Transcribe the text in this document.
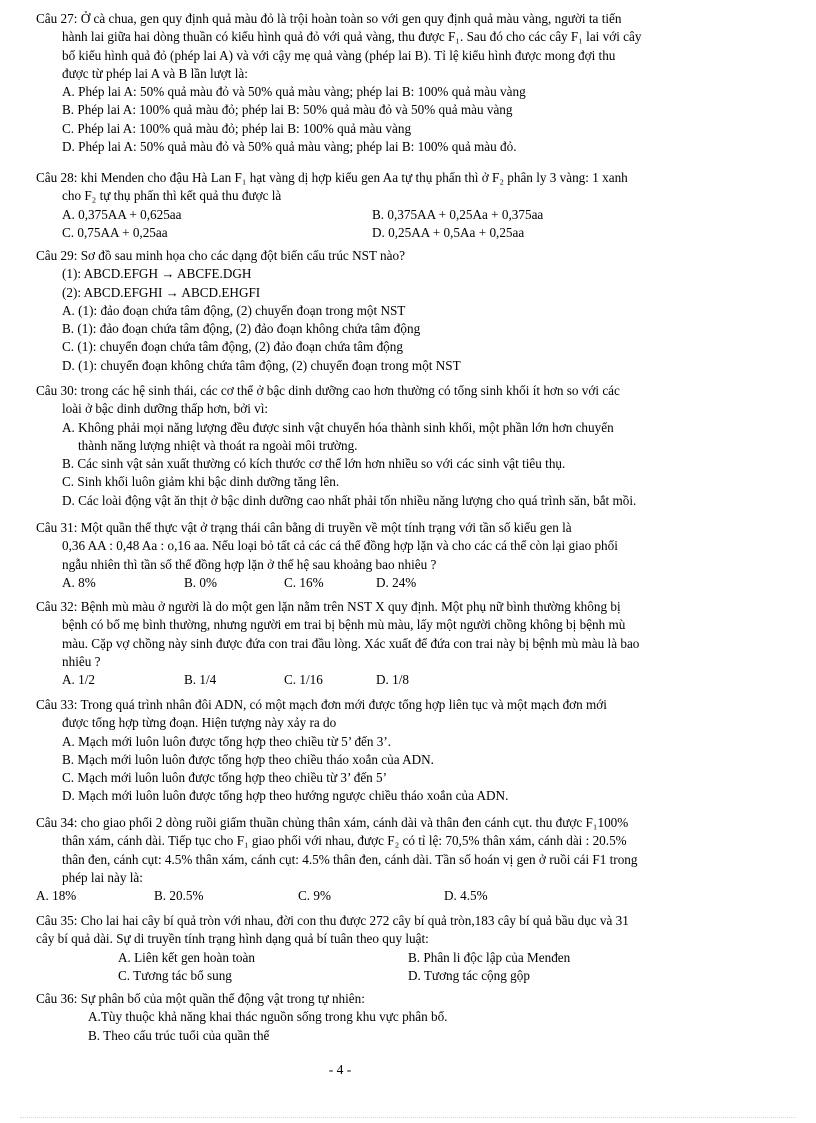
Câu 27: Ở cà chua, gen quy định quả màu đỏ là trội hoàn toàn so với gen quy định quả màu vàng, người ta tiến
hành lai giữa hai dòng thuần có kiểu hình quả đỏ với quả vàng, thu được F₁. Sau đó cho các cây F₁ lai với cây
bố kiểu hình quả đỏ (phép lai A) và với cậy mẹ quả vàng (phép lai B). Tỉ lệ kiểu hình được mong đợi thu
được từ phép lai A và B lần lượt là:
A. Phép lai A: 50% quả màu đỏ và 50% quả màu vàng; phép lai B: 100% quả màu vàng
B. Phép lai A: 100% quả màu đỏ; phép lai B: 50% quả màu đỏ và 50% quả màu vàng
C. Phép lai A: 100% quả màu đỏ; phép lai B: 100% quả màu vàng
D. Phép lai A: 50% quả màu đỏ và 50% quả màu vàng; phép lai B: 100% quả màu đỏ.
Câu 28: khi Menden cho đậu Hà Lan F₁ hạt vàng dị hợp kiểu gen Aa tự thụ phấn thì ở F₂ phân ly 3 vàng: 1 xanh
cho F₂ tự thụ phấn thì kết quả thu được là
A. 0,375AA + 0,625aa	B. 0,375AA + 0,25Aa + 0,375aa
C. 0,75AA + 0,25aa	D. 0,25AA + 0,5Aa + 0,25aa
Câu 29: Sơ đồ sau minh họa cho các dạng đột biến cấu trúc NST nào?
(1): ABCD.EFGH → ABCFE.DGH
(2): ABCD.EFGHI → ABCD.EHGFI
A. (1): đảo đoạn chứa tâm động, (2) chuyển đoạn trong một NST
B. (1): đảo đoạn chứa tâm động, (2) đảo đoạn không chứa tâm động
C. (1): chuyển đoạn chứa tâm động, (2) đảo đoạn chứa tâm động
D. (1): chuyển đoạn không chứa tâm động, (2) chuyển đoạn trong một NST
Câu 30: trong các hệ sinh thái, các cơ thể ở bậc dinh dưỡng cao hơn thường có tổng sinh khối ít hơn so với các
loài ở bậc dinh dưỡng thấp hơn, bởi vì:
A. Không phải mọi năng lượng đều được sinh vật chuyển hóa thành sinh khối, một phần lớn hơn chuyển
thành năng lượng nhiệt và thoát ra ngoài môi trường.
B. Các sinh vật sản xuất thường có kích thước cơ thể lớn hơn nhiều so với các sinh vật tiêu thụ.
C. Sinh khối luôn giảm khi bậc dinh dưỡng tăng lên.
D. Các loài động vật ăn thịt ở bậc dinh dưỡng cao nhất phải tốn nhiều năng lượng cho quá trình săn, bắt mồi.
Câu 31: Một quần thể thực vật ở trạng thái cân bằng di truyền về một tính trạng với tần số kiểu gen là
0,36 AA : 0,48 Aa : o,16 aa. Nếu loại bỏ tất cả các cá thể đồng hợp lặn và cho các cá thể còn lại giao phối
ngẫu nhiên thì tần số thể đồng hợp lặn ở thế hệ sau khoảng bao nhiêu ?
A. 8%	B. 0%	C. 16%	D. 24%
Câu 32: Bệnh mù màu ở người là do một gen lặn nằm trên NST X quy định. Một phụ nữ bình thường không bị
bệnh có bố mẹ bình thường, nhưng người em trai bị bệnh mù màu, lấy một người chồng không bị bệnh mù
màu. Cặp vợ chồng này sinh được đứa con trai đầu lòng. Xác xuất để đứa con trai này bị bệnh mù màu là bao
nhiêu ?
A. 1/2	B. 1/4	C. 1/16	D. 1/8
Câu 33: Trong quá trình nhân đôi ADN, có một mạch đơn mới được tổng hợp liên tục và một mạch đơn mới
được tổng hợp từng đoạn. Hiện tượng này xảy ra do
A. Mạch mới luôn luôn được tổng hợp theo chiều từ 5’ đến 3’.
B. Mạch mới luôn luôn được tổng hợp theo chiều tháo xoắn của ADN.
C. Mạch mới luôn luôn được tổng hợp theo chiều từ 3’ đến 5’
D. Mạch mới luôn luôn được tổng hợp theo hướng ngược chiều tháo xoắn của ADN.
Câu 34: cho giao phối 2 dòng ruồi giấm thuần chủng thân xám, cánh dài và thân đen cánh cụt. thu được F₁100%
thân xám, cánh dài. Tiếp tục cho F₁ giao phối với nhau, được F₂ có tỉ lệ: 70,5% thân xám, cánh dài : 20.5%
thân đen, cánh cụt: 4.5% thân xám, cánh cụt: 4.5% thân đen, cánh dài. Tần số hoán vị gen ở ruồi cái F1 trong
phép lai này là:
A. 18%	B. 20.5%	C. 9%	D. 4.5%
Câu 35: Cho lai hai cây bí quả tròn với nhau, đời con thu được 272 cây bí quả tròn,183 cây bí quả bầu dục và 31
cây bí quả dài. Sự di truyền tính trạng hình dạng quả bí tuân theo quy luật:
A. Liên kết gen hoàn toàn	B. Phân li độc lập của Menđen
C. Tương tác bổ sung	D. Tương tác cộng gộp
Câu 36: Sự phân bố của một quần thể động vật trong tự nhiên:
A.Tùy thuộc khả năng khai thác nguồn sống trong khu vực phân bố.
B. Theo cấu trúc tuổi của quần thể
- 4 -
